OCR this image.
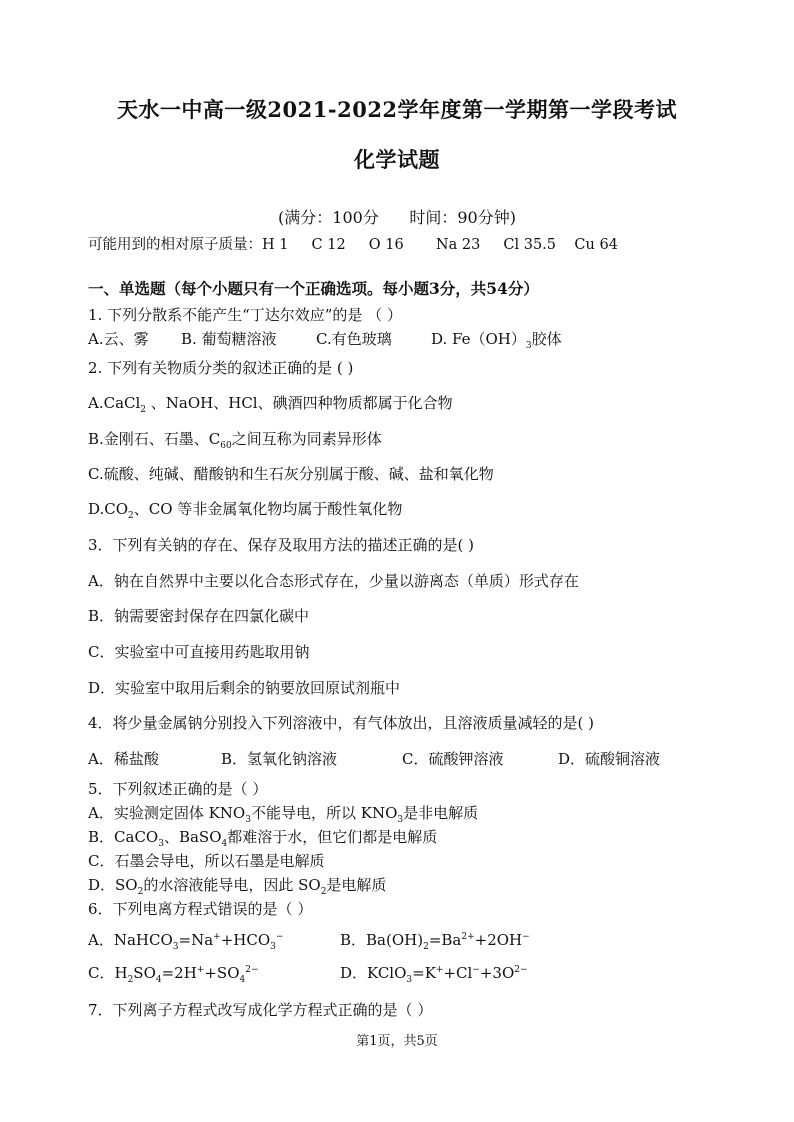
天水一中高一级2021-2022学年度第一学期第一学段考试
化学试题
(满分：100分      时间：90分钟)
可能用到的相对原子质量：H 1     C 12     O 16       Na 23     Cl 35.5    Cu 64
一、单选题（每个小题只有一个正确选项。每小题3分，共54分）
1. 下列分散系不能产生“丁达尔效应”的是 （ ）
A.云、雾 B. 葡萄糖溶液	C.有色玻璃	D. $Fe(OH)_3$胶体
2. 下列有关物质分类的叙述正确的是 ( )
A.CaCl$_2$ 、NaOH、HCl、碘酒四种物质都属于化合物
B.金刚石、石墨、$C_{60}$之间互称为同素异形体
C.硫酸、纯碱、醋酸钠和生石灰分别属于酸、碱、盐和氧化物
$D.CO_2$、CO 等非金属氧化物均属于酸性氧化物
3．下列有关钠的存在、保存及取用方法的描述正确的是( )
A．钠在自然界中主要以化合态形式存在，少量以游离态（单质）形式存在
B．钠需要密封保存在四氯化碳中
C．实验室中可直接用药匙取用钠
D．实验室中取用后剩余的钠要放回原试剂瓶中
4．将少量金属钠分别投入下列溶液中，有气体放出，且溶液质量减轻的是( )
A．稀盐酸	B．氢氧化钠溶液	C．硫酸钾溶液	D．硫酸铜溶液
5．下列叙述正确的是（ ）
A．实验测定固体 $KNO_3$不能导电，所以 $KNO_3$是非电解质
B．CaCO$_3$、BaSO$_4$都难溶于水，但它们都是电解质
C．石墨会导电，所以石墨是电解质
D．$SO_2$的水溶液能导电，因此 $SO_2$是电解质
6．下列电离方程式错误的是（ ）
A．$NaHCO_3=Na^++HCO_3^-$	B．$Ba(OH)_2=Ba^{2+}+2OH^-$
C．$H_2SO_4=2H^++SO_4^{2-}$	D．$KClO_3=K^++Cl^-+3O^{2-}$
7．下列离子方程式改写成化学方程式正确的是（ ）
第1页，共5页
